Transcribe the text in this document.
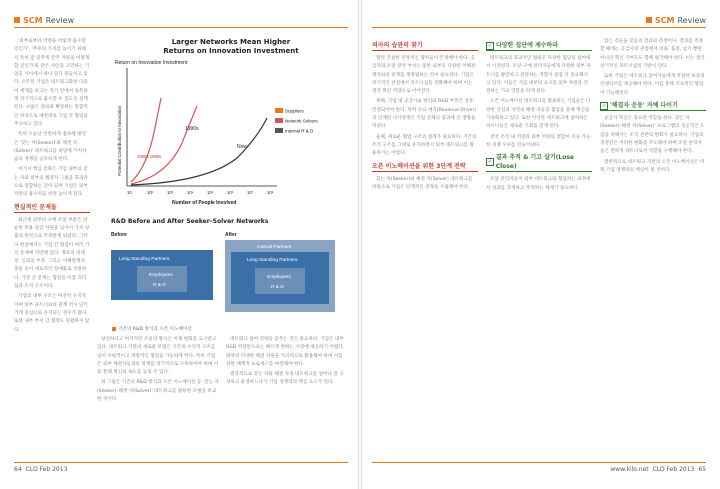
SCM Review

'외부로부터 역량을 어떻게 흡수할 것인가', '추후의 가치를 높이기 위해서 특히 잘 맞추게 갖추 자원을 어떻게 할 것인가'와 같은 사안을 고민하는 기업들 사이에서 하나 있다 원들이고 있다. 오픈된 기업은 네트워크화한 다중이 세계를 보고는 자기 안에서 독특하게 작가적으로 흡수할 수 있도록 설계된다. 수많은 강의와 확장하는 통합적인 양상으로 예컨대로 기업 간 협업을 추구하고 있다.

특히 오늘날 빈번하게 접속해 발견은 '찾는 자(Seeker)'와 해결 자(Solver)' 네트워크를 바탕에 가치사슬의 경쟁을 공유하게 한다.

여기서 핵심 전략은 기업 내부의 찾는 자와 외부의 해결자 그룹을 효과적으로 결합하는 것이 되며 기업은 외부 자원의 흡수력을 한껏 높이게 된다.

현실적인 문제들

최근에 외부의 구매·조달 부문은 단순한 비용 절감 차원을 넘어서 가치 창출의 원천으로 주목받게 되었다. 그러나 현실에서는 기업 간 협업이 여러 가지 문제에 직면해 있다. 정보의 비대칭, 신뢰의 부족, 그리고 이해관계의 충돌 등이 대표적인 장애물로 작용한다. 가장 큰 문제는 협업을 이끌 리더십과 조직 구조이다.

기업의 내부 구조는 여전히 수직적이며 외부 파트너와의 관계 역시 단기 거래 중심으로 유지되는 경우가 많다. 또한 내부 부서 간 협력도 원활하지 않다.

Larger Networks Mean Higher
Returns on Innovation Investment
Return on Innovation Investment
Potential Contribution to Innovation	1990s
1950s-1960s
Now
Suppliers
Network Solvers
Internal R & D
10	10²	10³	10⁴	10⁵	10⁶	10⁷	10⁸
Number of People Involved
R&D Before and After Seeker–Solver Networks
Before	After
Long Standing Partners
Employees
R & D
Casual Partners
Long Standing Partners
Employees
R & D
기존의 R&D 방식과 오픈 이노베이션

당연하다고 여겨지던 조달의 방식은 이제 변화를 요구받고 있다. 네트워크 기반의 새로운 모델은 기존의 수직적 구조를 넘어 수평적이고 개방적인 협업을 가능하게 한다. 특히 기업은 외부 해결자들과의 관계를 장기적으로 구축하여야 하며 이를 통해 혁신의 속도를 높일 수 있다.

위 그림은 기존의 R&D 방식과 오픈 이노베이션 등 '찾는 자(Seeker)–해결 자(Solver)' 네트워크를 활용한 모델을 비교한 것이다.

네트워크 참여 역량을 갖추는 것은 중요하다. 기업은 내부 R&D 역량만으로는 빠르게 변하는 시장에 대응하기 어렵다. 외부의 다양한 해결 자원을 적극적으로 활용해야 하며 이를 위한 체계적 프로세스를 마련해야 한다.

결과적으로 찾는 자와 해결 자의 네트워크를 얼마나 잘 구성하고 운영하느냐가 기업 경쟁력의 핵심 요소가 된다.

64 CLO Feb 2013
SCM Review
의자의 습관의 찾기

협력 건설한 전략적인 협력들이 존재해야 한다. 공급자와 조달 관련 부서는 물론 외부의 다양한 이해관계자와의 관계를 재정립하는 것이 필요하다. 기업은 장기적인 관점에서 파트너십을 강화해야 하며 이는 결국 혁신 역량으로 이어진다.

첫째, 기업 내 공급사슬 관리와 R&D 부문은 상호 연결되어야 한다. 특히 수요 예측(Revenue Driver)과 연계된 의사결정은 기업 전체의 성과에 큰 영향을 미친다.

둘째, 새로운 협업 구조의 설계가 필요하다. 기존의 조직 구조를 그대로 유지하면서 외부 네트워크를 활용하기는 어렵다.

오픈 이노베이션을 위한 3단계 전략

찾는 자(Seeker)와 해결 자(Solver) 네트워크를 바탕으로 기업은 단계적인 전략을 수립해야 한다.

✓ 다양한 집단에 제수하라

네트워크의 효과적인 활용은 다양한 집단의 참여에서 시작된다. 조달·구매 관리자들에게 다양한 외부 파트너를 발굴하고 관리하는 역할이 점점 더 중요해지고 있다. 이들은 기업 내부의 요구를 외부 자원과 연결하는 가교 역할을 하게 된다.

오픈 이노베이션 네트워크를 활용하는 기업들은 다양한 산업과 지역의 해결 자들과 협업을 통해 혁신을 가속화하고 있다. 또한 이러한 네트워크에 참여하는 파트너들은 새로운 기회를 얻게 된다.

결국 조직 내 역량과 외부 역량의 결합이 지속 가능한 경쟁 우위를 만들어낸다.

✓
결과 추적 & 기고 살기(Lose Close)

조달 관리자들이 외부 네트워크와 협업하는 과정에서 성과를 측정하고 추적하는 체계가 필요하다.

있는 것들을 찾음의 결과와 측정이다. 결과를 측정할 때에는 공급사의 관점에서 비용, 품질, 납기 뿐만 아니라 혁신 기여도도 함께 평가해야 한다. 이는 결국 장기적인 파트너십의 기반이 된다.

또한 기업은 네트워크 참여자들에게 적절한 보상과 인센티브를 제공해야 한다. 이를 통해 지속적인 협업이 가능해진다.

✓ '해결자 운동' 자체 다이기

공급자 혁신은 중요한 역할을 한다. 찾는 자(Seeker)–해결 자(Solver)' 프로그램의 성공적인 도입을 위해서는 조직 전반의 변화가 필요하다. 기업의 경영진은 이러한 변화를 주도해야 하며 조달 관리자들은 전략적 파트너로서 역할을 수행해야 한다.

결론적으로 네트워크 기반의 오픈 이노베이션은 미래 기업 경쟁력의 핵심이 될 것이다.

www.kilo.net CLO Feb 2013 65
